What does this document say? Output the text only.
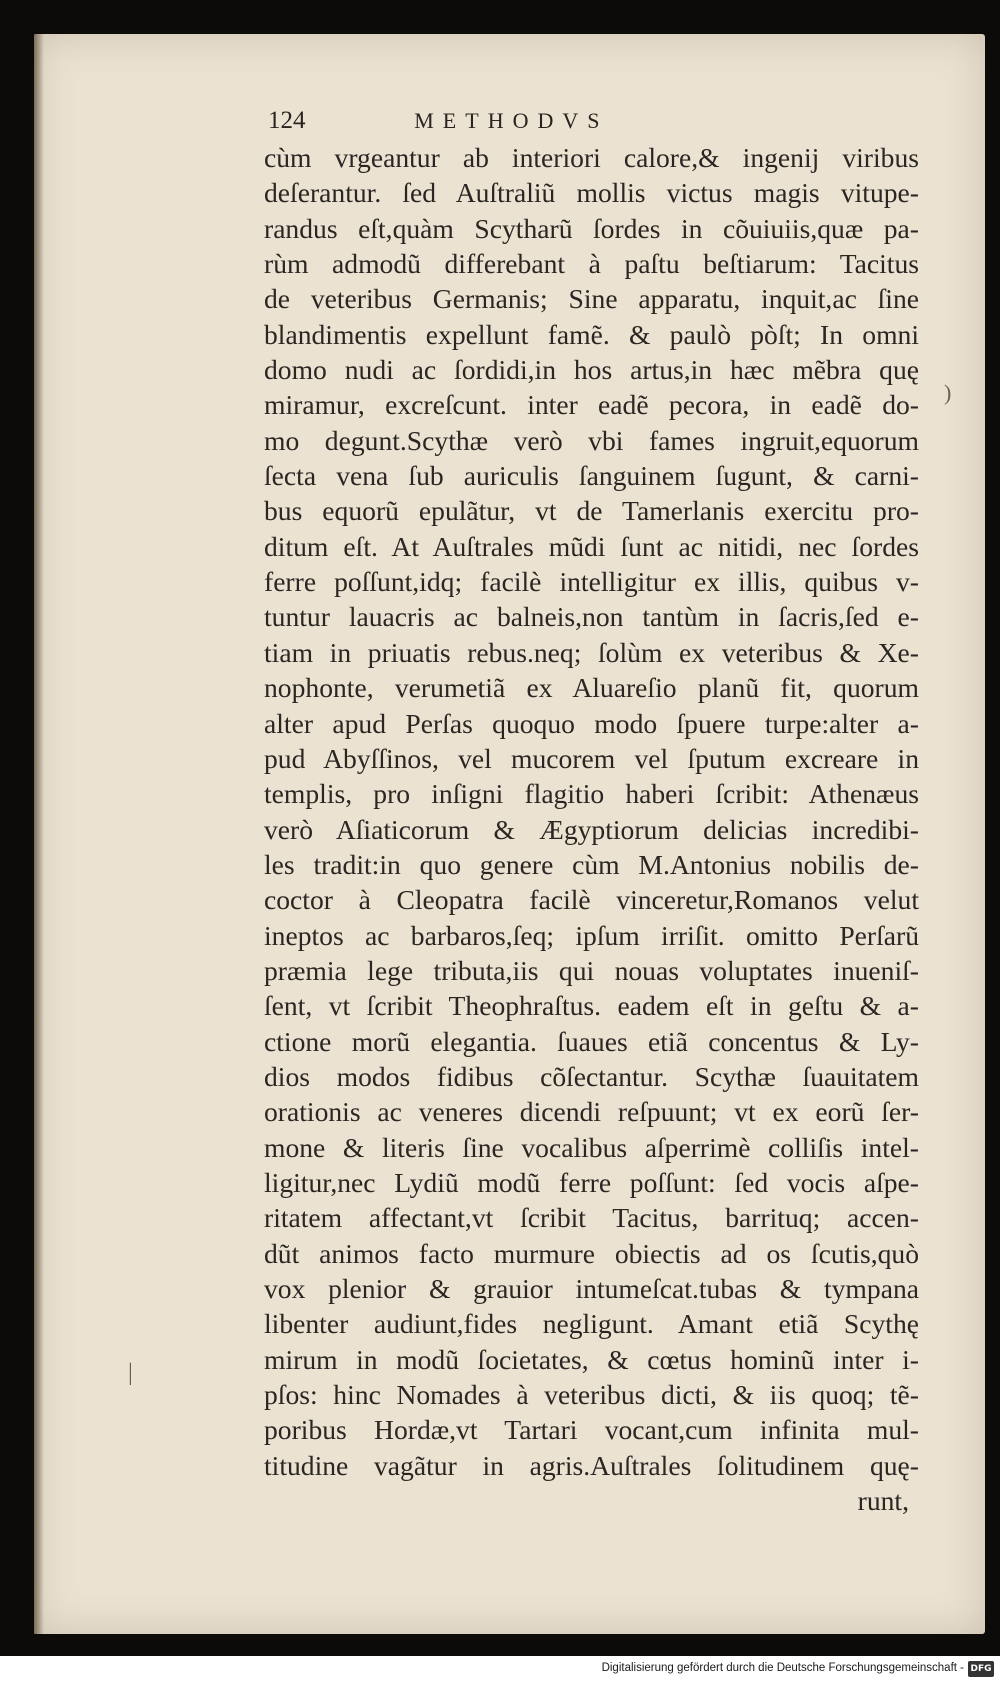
124	METHODVS
cùm vrgeantur ab interiori calore,& ingenij viribus
deſerantur. ſed Auſtraliũ mollis victus magis vitupe-
randus eſt,quàm Scytharũ ſordes in cõuiuiis,quæ pa-
rùm admodũ differebant à paſtu beſtiarum: Tacitus
de veteribus Germanis; Sine apparatu, inquit,ac ſine
blandimentis expellunt famẽ. & paulò pòſt; In omni
domo nudi ac ſordidi,in hos artus,in hæc mẽbra quę
miramur, excreſcunt. inter eadẽ pecora, in eadẽ do-
mo degunt.Scythæ verò vbi fames ingruit,equorum
ſecta vena ſub auriculis ſanguinem ſugunt, & carni-
bus equorũ epulãtur, vt de Tamerlanis exercitu pro-
ditum eſt. At Auſtrales mũdi ſunt ac nitidi, nec ſordes
ferre poſſunt,idq; facilè intelligitur ex illis, quibus v-
tuntur lauacris ac balneis,non tantùm in ſacris,ſed e-
tiam in priuatis rebus.neq; ſolùm ex veteribus & Xe-
nophonte, verumetiã ex Aluareſio planũ fit, quorum
alter apud Perſas quoquo modo ſpuere turpe:alter a-
pud Abyſſinos, vel mucorem vel ſputum excreare in
templis, pro inſigni flagitio haberi ſcribit: Athenæus
verò Aſiaticorum & Ægyptiorum delicias incredibi-
les tradit:in quo genere cùm M.Antonius nobilis de-
coctor à Cleopatra facilè vinceretur,Romanos velut
ineptos ac barbaros,ſeq; ipſum irriſit. omitto Perſarũ
præmia lege tributa,iis qui nouas voluptates inueniſ-
ſent, vt ſcribit Theophraſtus. eadem eſt in geſtu & a-
ctione morũ elegantia. ſuaues etiã concentus & Ly-
dios modos fidibus cõſectantur. Scythæ ſuauitatem
orationis ac veneres dicendi reſpuunt; vt ex eorũ ſer-
mone & literis ſine vocalibus aſperrimè colliſis intel-
ligitur,nec Lydiũ modũ ferre poſſunt: ſed vocis aſpe-
ritatem affectant,vt ſcribit Tacitus, barrituq; accen-
dũt animos facto murmure obiectis ad os ſcutis,quò
vox plenior & grauior intumeſcat.tubas & tympana
libenter audiunt,fides negligunt. Amant etiã Scythę
mirum in modũ ſocietates, & cœtus hominũ inter i-
pſos: hinc Nomades à veteribus dicti, & iis quoq; tẽ-
poribus Hordæ,vt Tartari vocant,cum infinita mul-
titudine vagãtur in agris.Auſtrales ſolitudinem quę-
runt,
)
|
Digitalisierung gefördert durch die Deutsche Forschungsgemeinschaft - DFG
